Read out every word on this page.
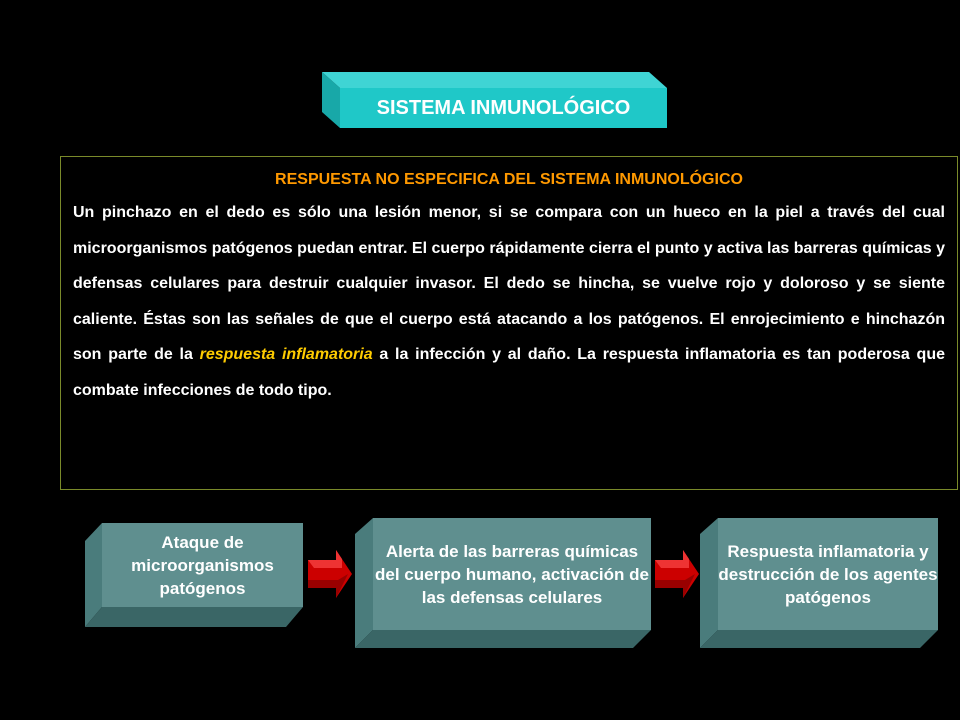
SISTEMA INMUNOLÓGICO
RESPUESTA NO ESPECIFICA DEL SISTEMA INMUNOLÓGICO

Un pinchazo en el dedo es sólo una lesión menor, si se compara con un hueco en la piel a través del cual microorganismos patógenos puedan entrar. El cuerpo rápidamente cierra el punto y activa las barreras químicas y defensas celulares para destruir cualquier invasor. El dedo se hincha, se vuelve rojo y doloroso y se siente caliente. Éstas son las señales de que el cuerpo está atacando a los patógenos. El enrojecimiento e hinchazón son parte de la respuesta inflamatoria a la infección y al daño. La respuesta inflamatoria es tan poderosa que combate infecciones de todo tipo.

Ataque de microorganismos patógenos
Alerta de las barreras químicas del cuerpo humano, activación de las defensas celulares
Respuesta inflamatoria y destrucción de los agentes patógenos
